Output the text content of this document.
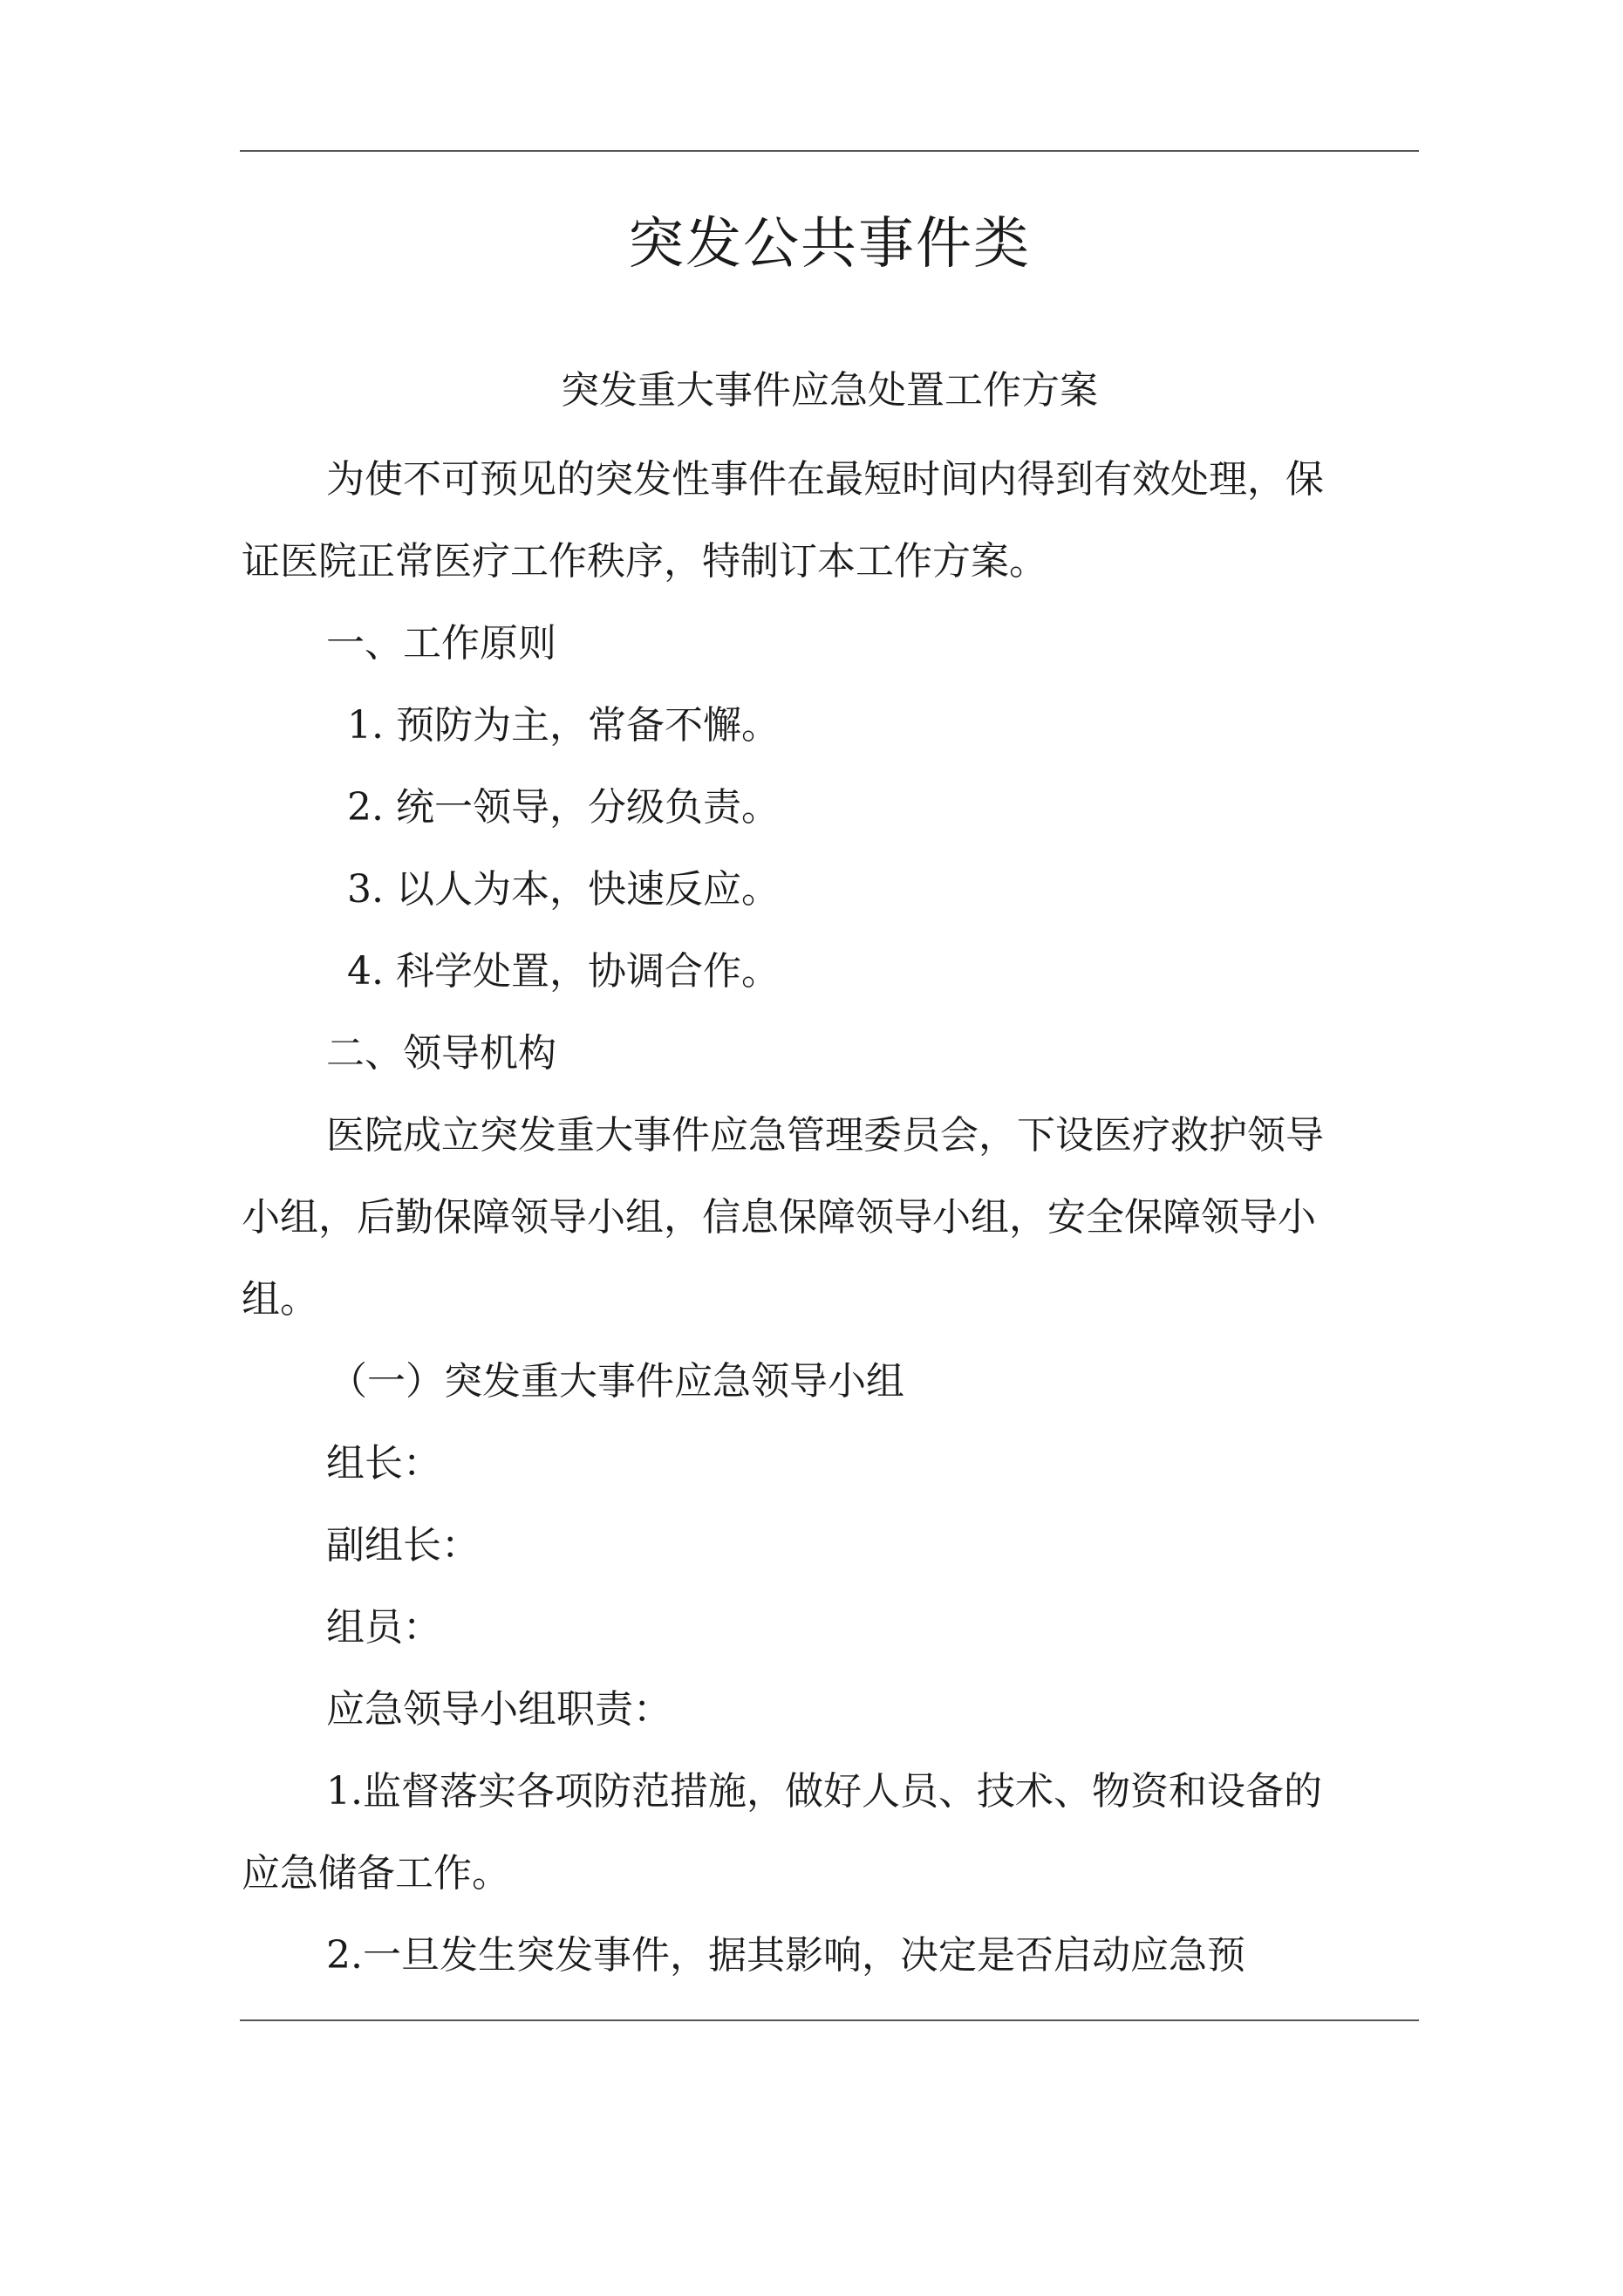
突发公共事件类
突发重大事件应急处置工作方案
为使不可预见的突发性事件在最短时间内得到有效处理，保
证医院正常医疗工作秩序，特制订本工作方案。
一、工作原则
1. 预防为主，常备不懈。
2. 统一领导，分级负责。
3. 以人为本，快速反应。
4. 科学处置，协调合作。
二、领导机构
医院成立突发重大事件应急管理委员会，下设医疗救护领导
小组，后勤保障领导小组，信息保障领导小组，安全保障领导小
组。
（一）突发重大事件应急领导小组
组长：
副组长：
组员：
应急领导小组职责：
1.监督落实各项防范措施，做好人员、技术、物资和设备的
应急储备工作。
2.一旦发生突发事件，据其影响，决定是否启动应急预
